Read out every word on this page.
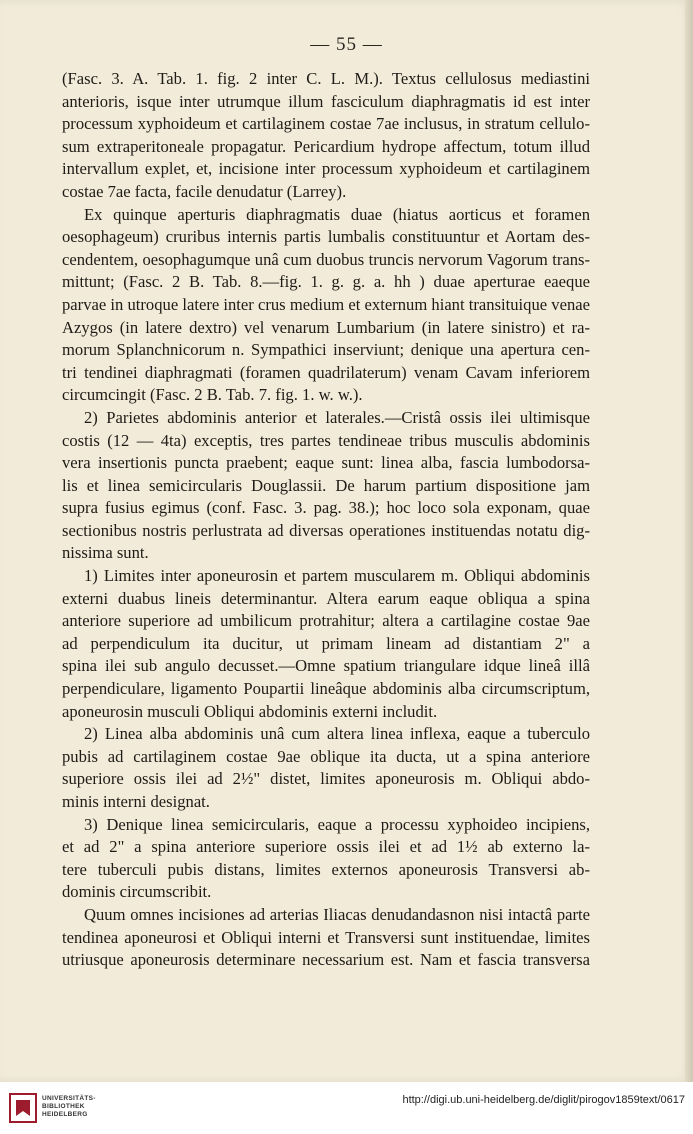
— 55 —
(Fasc. 3. A. Tab. 1. fig. 2 inter C. L. M.). Textus cellulosus mediastini
anterioris, isque inter utrumque illum fasciculum diaphragmatis id est inter
processum xyphoideum et cartilaginem costae 7ae inclusus, in stratum cellulo-
sum extraperitoneale propagatur. Pericardium hydrope affectum, totum illud
intervallum explet, et, incisione inter processum xyphoideum et cartilaginem
costae 7ae facta, facile denudatur (Larrey).
Ex quinque aperturis diaphragmatis duae (hiatus aorticus et foramen
oesophageum) cruribus internis partis lumbalis constituuntur et Aortam des-
cendentem, oesophagumque unâ cum duobus truncis nervorum Vagorum trans-
mittunt; (Fasc. 2 B. Tab. 8.—fig. 1. g. g. a. hh ) duae aperturae eaeque
parvae in utroque latere inter crus medium et externum hiant transituique venae
Azygos (in latere dextro) vel venarum Lumbarium (in latere sinistro) et ra-
morum Splanchnicorum n. Sympathici inserviunt; denique una apertura cen-
tri tendinei diaphragmati (foramen quadrilaterum) venam Cavam inferiorem
circumcingit (Fasc. 2 B. Tab. 7. fig. 1. w. w.).
2) Parietes abdominis anterior et laterales.—Cristâ ossis ilei ultimisque
costis (12 — 4ta) exceptis, tres partes tendineae tribus musculis abdominis
vera insertionis puncta praebent; eaque sunt: linea alba, fascia lumbodorsa-
lis et linea semicircularis Douglassii. De harum partium dispositione jam
supra fusius egimus (conf. Fasc. 3. pag. 38.); hoc loco sola exponam, quae
sectionibus nostris perlustrata ad diversas operationes instituendas notatu dig-
nissima sunt.
1) Limites inter aponeurosin et partem muscularem m. Obliqui abdominis
externi duabus lineis determinantur. Altera earum eaque obliqua a spina
anteriore superiore ad umbilicum protrahitur; altera a cartilagine costae 9ae
ad perpendiculum ita ducitur, ut primam lineam ad distantiam 2" a
spina ilei sub angulo decusset.—Omne spatium triangulare idque lineâ illâ
perpendiculare, ligamento Poupartii lineâque abdominis alba circumscriptum,
aponeurosin musculi Obliqui abdominis externi includit.
2) Linea alba abdominis unâ cum altera linea inflexa, eaque a tuberculo
pubis ad cartilaginem costae 9ae oblique ita ducta, ut a spina anteriore
superiore ossis ilei ad 2½" distet, limites aponeurosis m. Obliqui abdo-
minis interni designat.
3) Denique linea semicircularis, eaque a processu xyphoideo incipiens,
et ad 2" a spina anteriore superiore ossis ilei et ad 1½ ab externo la-
tere tuberculi pubis distans, limites externos aponeurosis Transversi ab-
dominis circumscribit.
Quum omnes incisiones ad arterias Iliacas denudandasnon nisi intactâ parte
tendinea aponeurosi et Obliqui interni et Transversi sunt instituendae, limites
utriusque aponeurosis determinare necessarium est. Nam et fascia transversa
UNIVERSITÄTS-
BIBLIOTHEK
HEIDELBERG
http://digi.ub.uni-heidelberg.de/diglit/pirogov1859text/0617
